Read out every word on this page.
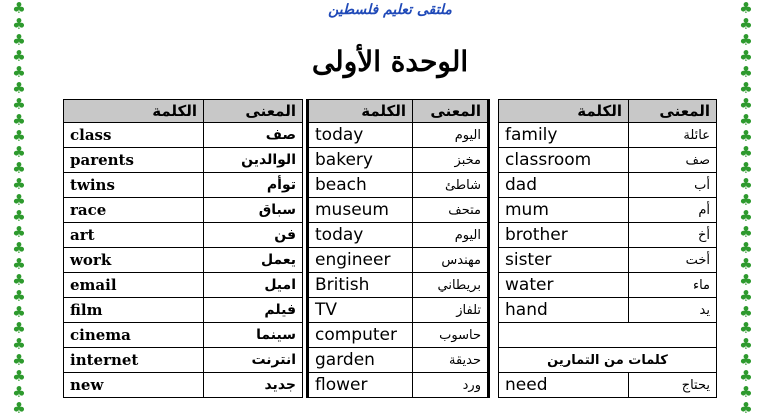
♣
♣
♣
♣
♣
♣
♣
♣
♣
♣
♣
♣
♣
♣
♣
♣
♣
♣
♣
♣
♣
♣
♣
♣
♣
♣
♣
♣
♣
♣
♣
♣
♣
♣
♣
♣
♣
♣
♣
♣
♣
♣
♣
♣
♣
♣
♣
♣
♣
♣
♣
♣
ملتقى تعليم فلسطين
الوحدة الأولى
الكلمة	المعنى
class	صف
parents	الوالدين
twins	توأم
race	سباق
art	فن
work	يعمل
email	اميل
film	فيلم
cinema	سينما
internet	انترنت
new	جديد
الكلمة	المعنى
today	اليوم
bakery	مخبز
beach	شاطئ
museum	متحف
today	اليوم
engineer	مهندس
British	بريطاني
TV	تلفاز
computer	حاسوب
garden	حديقة
flower	ورد
الكلمة	المعنى
family	عائلة
classroom	صف
dad	أب
mum	أم
brother	أخ
sister	أخت
water	ماء
hand	يد

كلمات من التمارين	
need	يحتاج
